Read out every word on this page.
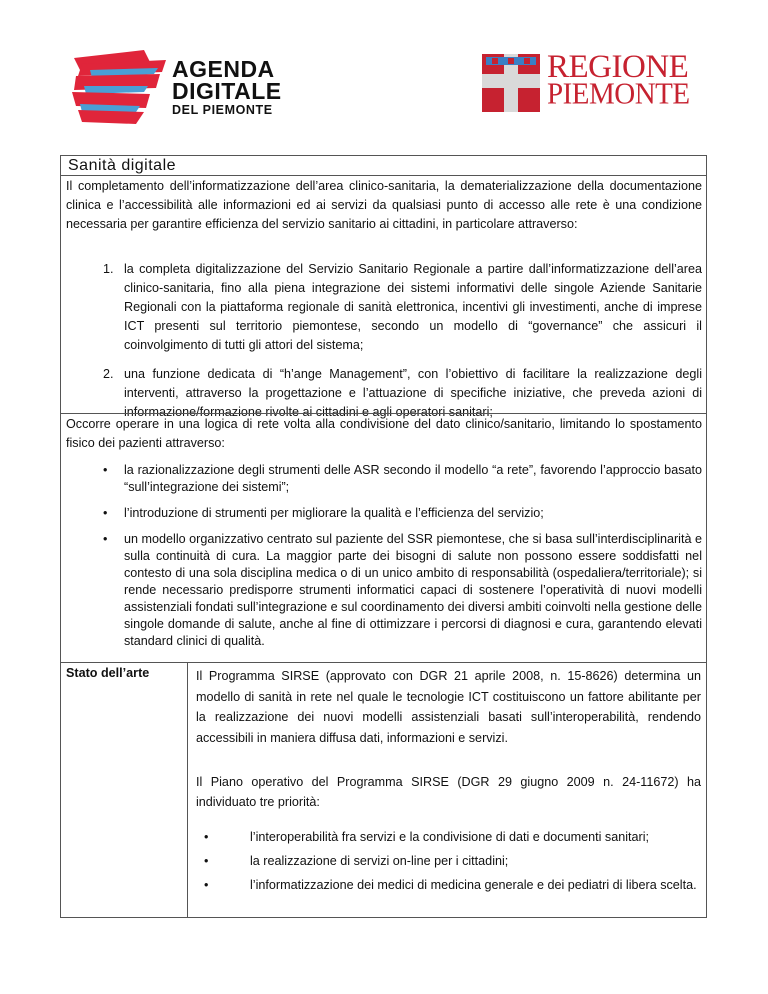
AGENDA
DIGITALE
DEL PIEMONTE
REGIONE
PIEMONTE
Sanità digitale
Il completamento dell’informatizzazione dell’area clinico-sanitaria, la dematerializzazione della documentazione clinica e l’accessibilità alle informazioni ed ai servizi da qualsiasi punto di accesso alle rete è una condizione necessaria per garantire efficienza del servizio sanitario ai cittadini, in particolare attraverso:
1. la completa digitalizzazione del Servizio Sanitario Regionale a partire dall’informatizzazione dell’area clinico-sanitaria, fino alla piena integrazione dei sistemi informativi delle singole Aziende Sanitarie Regionali con la piattaforma regionale di sanità elettronica, incentivi gli investimenti, anche di imprese ICT presenti sul territorio piemontese, secondo un modello di “governance” che assicuri il coinvolgimento di tutti gli attori del sistema;
2. una funzione dedicata di “h’ange Management”, con l’obiettivo di facilitare la realizzazione degli interventi, attraverso la progettazione e l’attuazione di specifiche iniziative, che preveda azioni di informazione/formazione rivolte ai cittadini e agli operatori sanitari;
Occorre operare in una logica di rete volta alla condivisione del dato clinico/sanitario, limitando lo spostamento fisico dei pazienti attraverso:
• la razionalizzazione degli strumenti delle ASR secondo il modello “a rete”, favorendo l’approccio basato “sull’integrazione dei sistemi”;
• l’introduzione di strumenti per migliorare la qualità e l’efficienza del servizio;
• un modello organizzativo centrato sul paziente del SSR piemontese, che si basa sull’interdisciplinarità e sulla continuità di cura. La maggior parte dei bisogni di salute non possono essere soddisfatti nel contesto di una sola disciplina medica o di un unico ambito di responsabilità (ospedaliera/territoriale); si rende necessario predisporre strumenti informatici capaci di sostenere l’operatività di nuovi modelli assistenziali fondati sull’integrazione e sul coordinamento dei diversi ambiti coinvolti nella gestione delle singole domande di salute, anche al fine di ottimizzare i percorsi di diagnosi e cura, garantendo elevati standard clinici di qualità.
Stato dell’arte	Il Programma SIRSE (approvato con DGR 21 aprile 2008, n. 15-8626) determina un modello di sanità in rete nel quale le tecnologie ICT costituiscono un fattore abilitante per la realizzazione dei nuovi modelli assistenziali basati sull’interoperabilità, rendendo accessibili in maniera diffusa dati, informazioni e servizi.
Il Piano operativo del Programma SIRSE (DGR 29 giugno 2009 n. 24-11672) ha individuato tre priorità:
•	l’interoperabilità fra servizi e la condivisione di dati e documenti sanitari;
•	la realizzazione di servizi on-line per i cittadini;
•	l’informatizzazione dei medici di medicina generale e dei pediatri di libera scelta.
